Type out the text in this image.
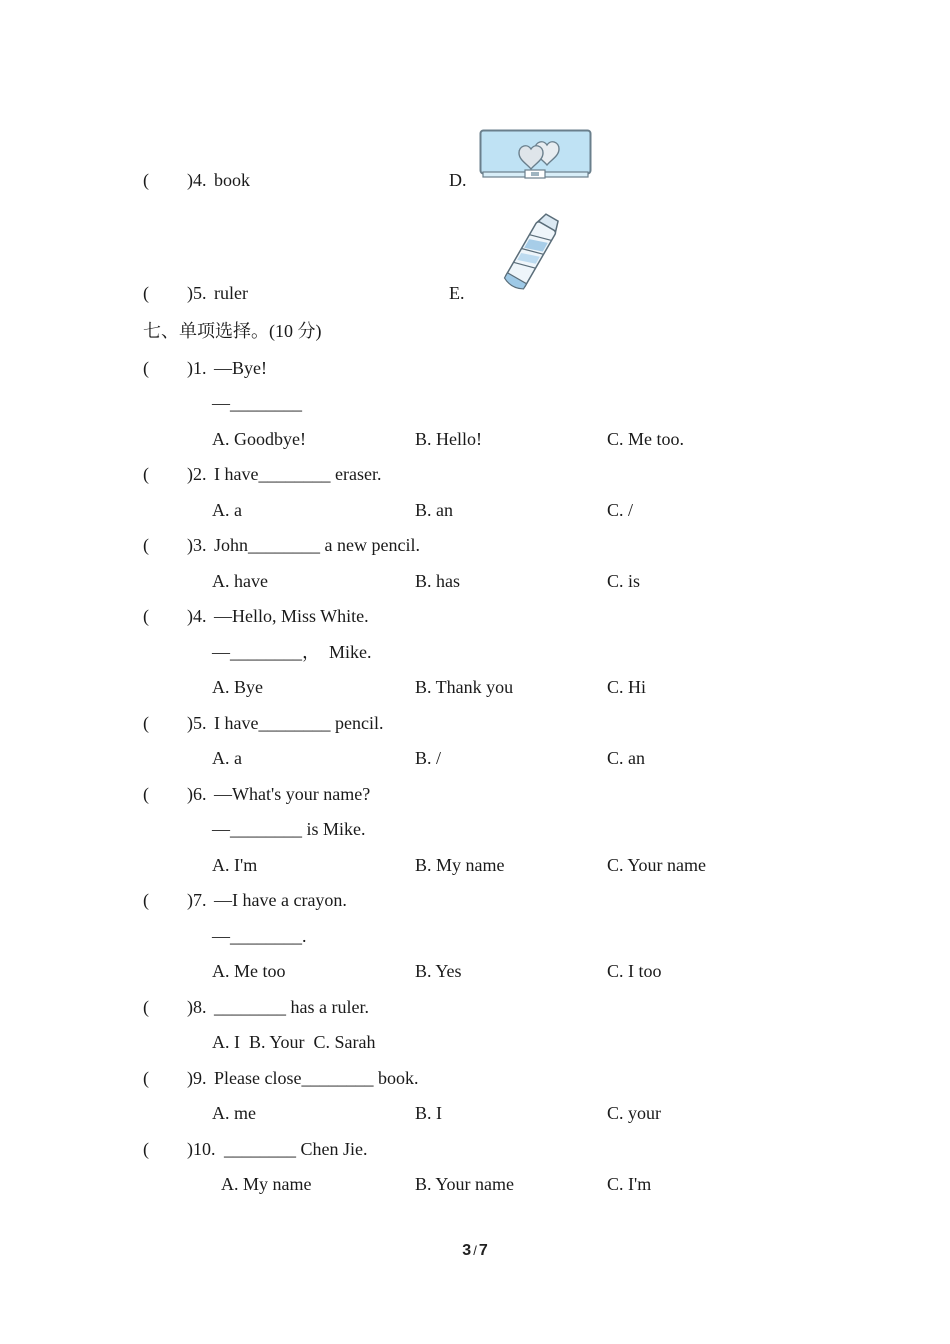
( )4. book	D.
( )5. ruler	E.
七、单项选择。(10 分)
( )1. —Bye!
—________
A. Goodbye!	B. Hello!	C. Me too.
( )2. I have________ eraser.
A. a	B. an	C. /
( )3. John________ a new pencil.
A. have	B. has	C. is
( )4. —Hello, Miss White.
—________，  Mike.
A. Bye	B. Thank you	C. Hi
( )5. I have________ pencil.
A. a	B. /	C. an
( )6. —What's your name?
—________ is Mike.
A. I'm	B. My name	C. Your name
( )7. —I have a crayon.
—________.
A. Me too	B. Yes	C. I too
( )8. ________ has a ruler.
A. I  B. Your  C. Sarah
( )9. Please close________ book.
A. me	B. I	C. your
( )10. ________ Chen Jie.
A. My name	B. Your name	C. I'm
3 / 7
